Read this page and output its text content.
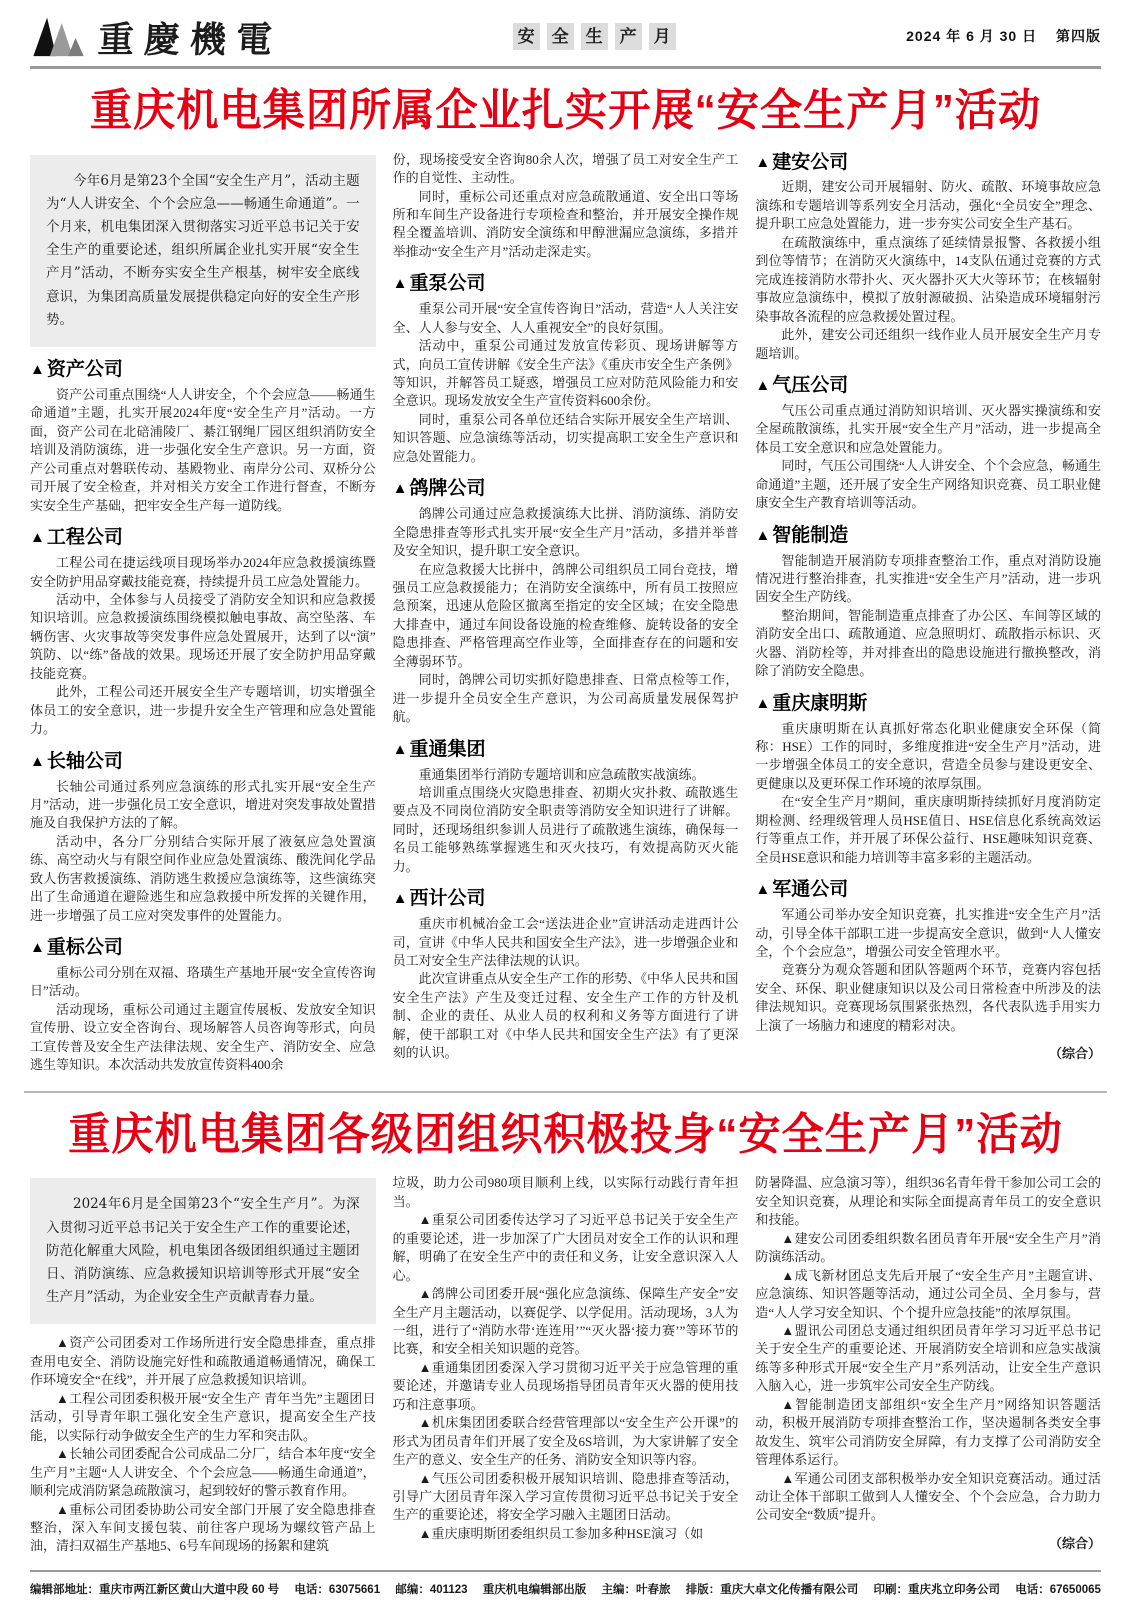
重慶機電	安 全 生 产 月	2024 年 6 月 30 日 第四版
重庆机电集团所属企业扎实开展“安全生产月”活动

今年6月是第23个全国“安全生产月”，活动主题为“人人讲安全、个个会应急——畅通生命通道”。一个月来，机电集团深入贯彻落实习近平总书记关于安全生产的重要论述，组织所属企业扎实开展“安全生产月”活动，不断夯实安全生产根基，树牢安全底线意识，为集团高质量发展提供稳定向好的安全生产形势。

▲ 资产公司

资产公司重点围绕“人人讲安全，个个会应急——畅通生命通道”主题，扎实开展2024年度“安全生产月”活动。一方面，资产公司在北碚浦陵厂、綦江钢绳厂园区组织消防安全培训及消防演练，进一步强化安全生产意识。另一方面，资产公司重点对磐联传动、基殿物业、南岸分公司、双桥分公司开展了安全检查，并对相关方安全工作进行督查，不断夯实安全生产基础，把牢安全生产每一道防线。

▲ 工程公司

工程公司在捷运线项目现场举办2024年应急救援演练暨安全防护用品穿戴技能竞赛，持续提升员工应急处置能力。

活动中，全体参与人员接受了消防安全知识和应急救援知识培训。应急救援演练围绕模拟触电事故、高空坠落、车辆伤害、火灾事故等突发事件应急处置展开，达到了以“演”筑防、以“练”备战的效果。现场还开展了安全防护用品穿戴技能竞赛。

此外，工程公司还开展安全生产专题培训，切实增强全体员工的安全意识，进一步提升安全生产管理和应急处置能力。

▲ 长轴公司

长轴公司通过系列应急演练的形式扎实开展“安全生产月”活动，进一步强化员工安全意识，增进对突发事故处置措施及自我保护方法的了解。

活动中，各分厂分别结合实际开展了液氨应急处置演练、高空动火与有限空间作业应急处置演练、酸洗间化学品致人伤害救援演练、消防逃生救援应急演练等，这些演练突出了生命通道在避险逃生和应急救援中所发挥的关键作用，进一步增强了员工应对突发事件的处置能力。

▲ 重标公司

重标公司分别在双福、珞璜生产基地开展“安全宣传咨询日”活动。

活动现场，重标公司通过主题宣传展板、发放安全知识宣传册、设立安全咨询台、现场解答人员咨询等形式，向员工宣传普及安全生产法律法规、安全生产、消防安全、应急逃生等知识。本次活动共发放宣传资料400余

份，现场接受安全咨询80余人次，增强了员工对安全生产工作的自觉性、主动性。

同时，重标公司还重点对应急疏散通道、安全出口等场所和车间生产设备进行专项检查和整治，并开展安全操作规程全覆盖培训、消防安全演练和甲醇泄漏应急演练，多措并举推动“安全生产月”活动走深走实。

▲ 重泵公司

重泵公司开展“安全宣传咨询日”活动，营造“人人关注安全、人人参与安全、人人重视安全”的良好氛围。

活动中，重泵公司通过发放宣传彩页、现场讲解等方式，向员工宣传讲解《安全生产法》《重庆市安全生产条例》等知识，并解答员工疑惑，增强员工应对防范风险能力和安全意识。现场发放安全生产宣传资料600余份。

同时，重泵公司各单位还结合实际开展安全生产培训、知识答题、应急演练等活动，切实提高职工安全生产意识和应急处置能力。

▲ 鸽牌公司

鸽牌公司通过应急救援演练大比拼、消防演练、消防安全隐患排查等形式扎实开展“安全生产月”活动，多措并举普及安全知识，提升职工安全意识。

在应急救援大比拼中，鸽牌公司组织员工同台竞技，增强员工应急救援能力；在消防安全演练中，所有员工按照应急预案，迅速从危险区撤离至指定的安全区域；在安全隐患大排查中，通过车间设备设施的检查维修、旋转设备的安全隐患排查、严格管理高空作业等，全面排查存在的问题和安全薄弱环节。

同时，鸽牌公司切实抓好隐患排查、日常点检等工作，进一步提升全员安全生产意识，为公司高质量发展保驾护航。

▲ 重通集团

重通集团举行消防专题培训和应急疏散实战演练。

培训重点围绕火灾隐患排查、初期火灾扑救、疏散逃生要点及不同岗位消防安全职责等消防安全知识进行了讲解。同时，还现场组织参训人员进行了疏散逃生演练，确保每一名员工能够熟练掌握逃生和灭火技巧，有效提高防灭火能力。

▲ 西计公司

重庆市机械冶金工会“送法进企业”宣讲活动走进西计公司，宣讲《中华人民共和国安全生产法》，进一步增强企业和员工对安全生产法律法规的认识。

此次宣讲重点从安全生产工作的形势、《中华人民共和国安全生产法》产生及变迁过程、安全生产工作的方针及机制、企业的责任、从业人员的权利和义务等方面进行了讲解，使干部职工对《中华人民共和国安全生产法》有了更深刻的认识。

▲ 建安公司

近期，建安公司开展辐射、防火、疏散、环境事故应急演练和专题培训等系列安全月活动，强化“全员安全”理念、提升职工应急处置能力，进一步夯实公司安全生产基石。

在疏散演练中，重点演练了延续情景报警、各救援小组到位等情节；在消防灭火演练中，14支队伍通过竞赛的方式完成连接消防水带扑火、灭火器扑灭大火等环节；在核辐射事故应急演练中，模拟了放射源破损、沾染造成环境辐射污染事故各流程的应急救援处置过程。

此外，建安公司还组织一线作业人员开展安全生产月专题培训。

▲ 气压公司

气压公司重点通过消防知识培训、灭火器实操演练和安全屋疏散演练，扎实开展“安全生产月”活动，进一步提高全体员工安全意识和应急处置能力。

同时，气压公司围绕“人人讲安全、个个会应急，畅通生命通道”主题，还开展了安全生产网络知识竞赛、员工职业健康安全生产教育培训等活动。

▲ 智能制造

智能制造开展消防专项排查整治工作，重点对消防设施情况进行整治排查，扎实推进“安全生产月”活动，进一步巩固安全生产防线。

整治期间，智能制造重点排查了办公区、车间等区域的消防安全出口、疏散通道、应急照明灯、疏散指示标识、灭火器、消防栓等，并对排查出的隐患设施进行撤换整改，消除了消防安全隐患。

▲ 重庆康明斯

重庆康明斯在认真抓好常态化职业健康安全环保（简称：HSE）工作的同时，多维度推进“安全生产月”活动，进一步增强全体员工的安全意识，营造全员参与建设更安全、更健康以及更环保工作环境的浓厚氛围。

在“安全生产月”期间，重庆康明斯持续抓好月度消防定期检测、经理级管理人员HSE值日、HSE信息化系统高效运行等重点工作，并开展了环保公益行、HSE趣味知识竞赛、全员HSE意识和能力培训等丰富多彩的主题活动。

▲ 军通公司

军通公司举办安全知识竞赛，扎实推进“安全生产月”活动，引导全体干部职工进一步提高安全意识，做到“人人懂安全，个个会应急”，增强公司安全管理水平。

竞赛分为观众答题和团队答题两个环节，竞赛内容包括安全、环保、职业健康知识以及公司日常检查中所涉及的法律法规知识。竞赛现场氛围紧张热烈，各代表队选手用实力上演了一场脑力和速度的精彩对决。

（综合）
重庆机电集团各级团组织积极投身“安全生产月”活动

2024年6月是全国第23个“安全生产月”。为深入贯彻习近平总书记关于安全生产工作的重要论述，防范化解重大风险，机电集团各级团组织通过主题团日、消防演练、应急救援知识培训等形式开展“安全生产月”活动，为企业安全生产贡献青春力量。

▲资产公司团委对工作场所进行安全隐患排查，重点排查用电安全、消防设施完好性和疏散通道畅通情况，确保工作环境安全“在线”，并开展了应急救援知识培训。

▲工程公司团委积极开展“安全生产 青年当先”主题团日活动，引导青年职工强化安全生产意识，提高安全生产技能，以实际行动争做安全生产的生力军和突击队。

▲长轴公司团委配合公司成品二分厂，结合本年度“安全生产月”主题“人人讲安全、个个会应急——畅通生命通道”，顺利完成消防紧急疏散演习，起到较好的警示教育作用。

▲重标公司团委协助公司安全部门开展了安全隐患排查整治，深入车间支援包装、前往客户现场为螺纹管产品上油，清扫双福生产基地5、6号车间现场的扬絮和建筑

垃圾，助力公司980项目顺利上线，以实际行动践行青年担当。

▲重泵公司团委传达学习了习近平总书记关于安全生产的重要论述，进一步加深了广大团员对安全工作的认识和理解，明确了在安全生产中的责任和义务，让安全意识深入人心。

▲鸽牌公司团委开展“强化应急演练、保障生产安全”安全生产月主题活动，以赛促学、以学促用。活动现场，3人为一组，进行了“消防水带‘连连用’”“灭火器‘接力赛’”等环节的比赛，和安全相关知识题的竞答。

▲重通集团团委深入学习贯彻习近平关于应急管理的重要论述，并邀请专业人员现场指导团员青年灭火器的使用技巧和注意事项。

▲机床集团团委联合经营管理部以“安全生产公开课”的形式为团员青年们开展了安全及6S培训，为大家讲解了安全生产的意义、安全生产的任务、消防安全知识等内容。

▲气压公司团委积极开展知识培训、隐患排查等活动，引导广大团员青年深入学习宣传贯彻习近平总书记关于安全生产的重要论述，将安全学习融入主题团日活动。

▲重庆康明斯团委组织员工参加多种HSE演习（如

防暑降温、应急演习等），组织36名青年骨干参加公司工会的安全知识竞赛，从理论和实际全面提高青年员工的安全意识和技能。

▲建安公司团委组织数名团员青年开展“安全生产月”消防演练活动。

▲成飞新材团总支先后开展了“安全生产月”主题宣讲、应急演练、知识答题等活动，通过公司全员、全月参与，营造“人人学习安全知识、个个提升应急技能”的浓厚氛围。

▲盟讯公司团总支通过组织团员青年学习习近平总书记关于安全生产的重要论述、开展消防安全培训和应急实战演练等多种形式开展“安全生产月”系列活动，让安全生产意识入脑入心，进一步筑牢公司安全生产防线。

▲智能制造团支部组织“安全生产月”网络知识答题活动，积极开展消防专项排查整治工作，坚决遏制各类安全事故发生、筑牢公司消防安全屏障，有力支撑了公司消防安全管理体系运行。

▲军通公司团支部积极举办安全知识竞赛活动。通过活动让全体干部职工做到人人懂安全、个个会应急，合力助力公司安全“数质”提升。

（综合）
编辑部地址：重庆市两江新区黄山大道中段 60 号 电话：63075661 邮编：401123 重庆机电编辑部出版 主编：叶春旅 排版：重庆大卓文化传播有限公司 印刷：重庆兆立印务公司 电话：67650065
